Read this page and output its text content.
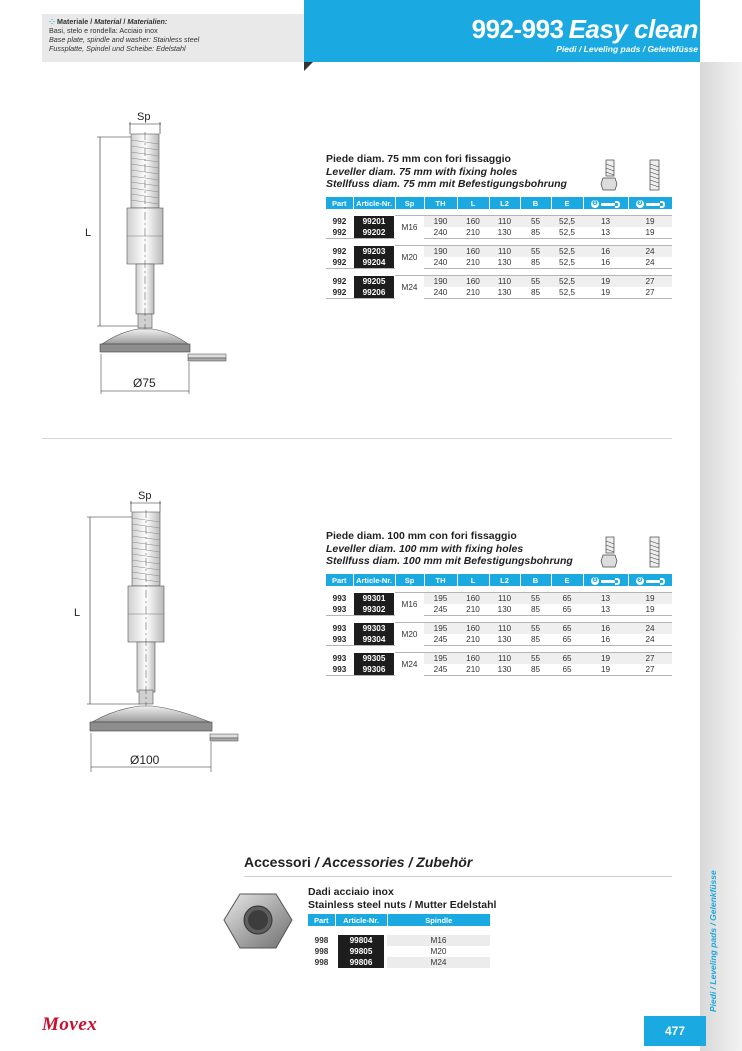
⁘ Materiale / Material / Materialien:
Basi, stelo e rondella: Acciaio inox
Base plate, spindle and washer: Stainless steel
Fussplatte, Spindel und Scheibe: Edelstahl
992-993 Easy clean
Piedi / Leveling pads / Gelenkfüsse
Piedi / Leveling pads / Gelenkfüsse
Sp
L
Ø75
Piede diam. 75 mm con fori fissaggio
Leveller diam. 75 mm with fixing holes
Stellfuss diam. 75 mm mit Befestigungsbohrung
Part	Article-Nr.	Sp	TH	L	L2	B	E	❶	❷

992	99201	M16	190	160	110	55	52,5	13	19
992	99202		240	210	130	85	52,5	13	19

992	99203	M20	190	160	110	55	52,5	16	24
992	99204		240	210	130	85	52,5	16	24

992	99205	M24	190	160	110	55	52,5	19	27
992	99206		240	210	130	85	52,5	19	27
Sp
L
Ø100
Piede diam. 100 mm con fori fissaggio
Leveller diam. 100 mm with fixing holes
Stellfuss diam. 100 mm mit Befestigungsbohrung
Part	Article-Nr.	Sp	TH	L	L2	B	E	❶	❷

993	99301	M16	195	160	110	55	65	13	19
993	99302		245	210	130	85	65	13	19

993	99303	M20	195	160	110	55	65	16	24
993	99304		245	210	130	85	65	16	24

993	99305	M24	195	160	110	55	65	19	27
993	99306		245	210	130	85	65	19	27
Accessori / Accessories / Zubehör
Dadi acciaio inox
Stainless steel nuts / Mutter Edelstahl
Part	Article-Nr.	Spindle

998	99804	M16
998	99805	M20
998	99806	M24
Movex	477
